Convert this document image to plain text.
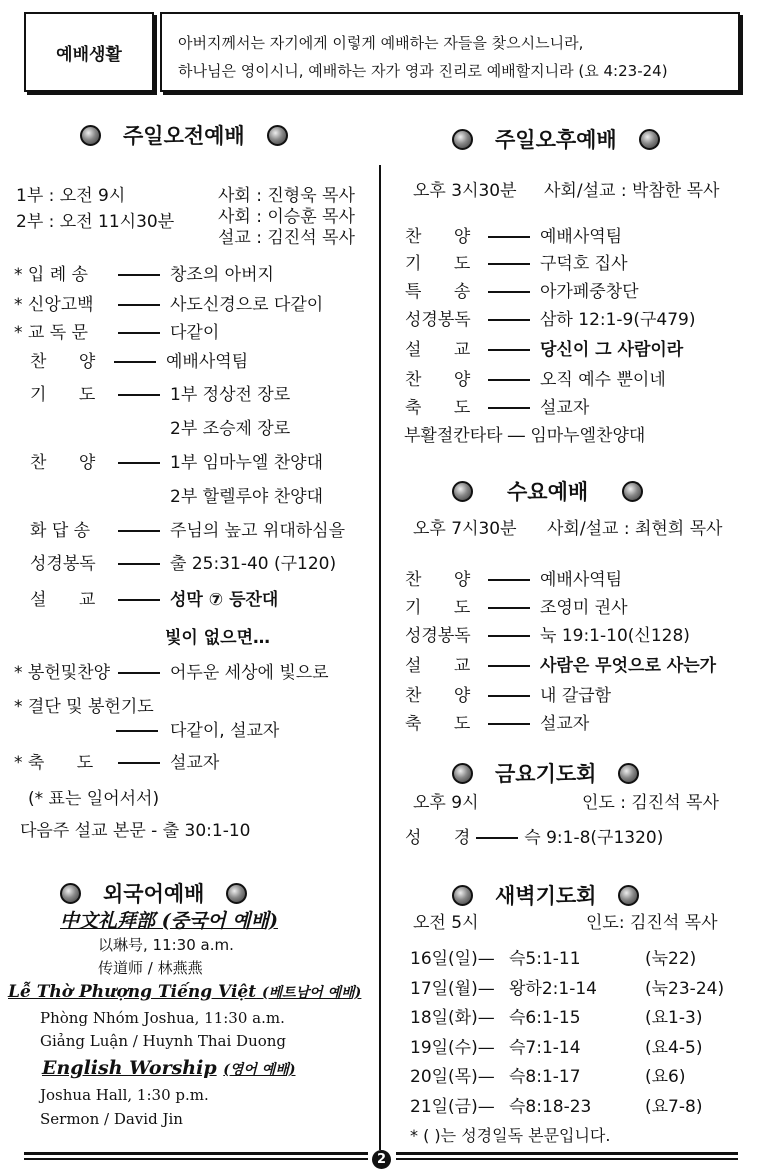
예배생활
아버지께서는 자기에게 이렇게 예배하는 자들을 찾으시느니라,
하나님은 영이시니, 예배하는 자가 영과 진리로 예배할지니라 (요 4:23-24)
주일오전예배
1부 : 오전 9시
2부 : 오전 11시30분
사회 : 진형욱 목사
사회 : 이승훈 목사
설교 : 김진석 목사
* 입 례 송	창조의 아버지
* 신앙고백	사도신경으로 다같이
* 교 독 문	다같이
찬      양	예배사역팀
기      도	1부 정상전 장로
2부 조승제 장로
찬      양	1부 임마누엘 찬양대
2부 할렐루야 찬양대
화 답 송	주님의 높고 위대하심을
성경봉독	출 25:31-40 (구120)
설      교	성막 ⑦ 등잔대
빛이 없으면…
* 봉헌및찬양	어두운 세상에 빛으로
* 결단 및 봉헌기도
다같이, 설교자
* 축      도	설교자
(* 표는 일어서서)
다음주 설교 본문 - 출 30:1-10
외국어예배
中文礼拜部 (중국어 예배)
以琳号, 11:30 a.m.
传道师 / 林燕燕
Lễ Thờ Phượng Tiếng Việt (베트남어 예배)
Phòng Nhóm Joshua, 11:30 a.m.
Giảng Luận / Huynh Thai Duong
English Worship (영어 예배)
Joshua Hall, 1:30 p.m.
Sermon / David Jin
주일오후예배
오후 3시30분 사회/설교 : 박참한 목사
찬      양	예배사역팀
기      도	구덕호 집사
특      송	아가페중창단
성경봉독	삼하 12:1-9(구479)
설      교	당신이 그 사람이라
찬      양	오직 예수 뿐이네
축      도	설교자
부활절칸타타 ― 임마누엘찬양대
수요예배
오후 7시30분 사회/설교 : 최현희 목사
찬      양	예배사역팀
기      도	조영미 권사
성경봉독	눅 19:1-10(신128)
설      교	사람은 무엇으로 사는가
찬      양	내 갈급함
축      도	설교자
금요기도회
오후 9시	인도 : 김진석 목사
성      경	슥 9:1-8(구1320)
새벽기도회
오전 5시	인도: 김진석 목사
16일(일)— 슥5:1-11	(눅22)
17일(월)— 왕하2:1-14	(눅23-24)
18일(화)— 슥6:1-15	(요1-3)
19일(수)— 슥7:1-14	(요4-5)
20일(목)— 슥8:1-17	(요6)
21일(금)— 슥8:18-23	(요7-8)
* ( )는 성경일독 본문입니다.
2
